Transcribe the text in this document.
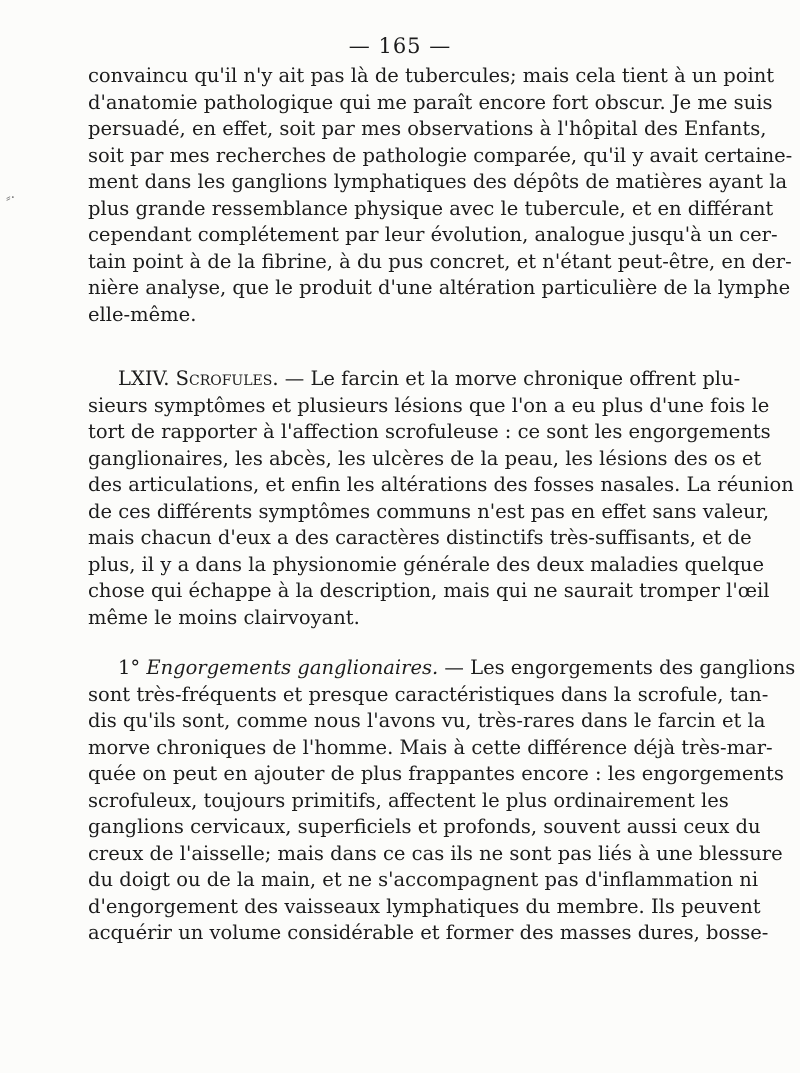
⸗·
— 165 —
convaincu qu'il n'y ait pas là de tubercules; mais cela tient à un point
d'anatomie pathologique qui me paraît encore fort obscur. Je me suis
persuadé, en effet, soit par mes observations à l'hôpital des Enfants,
soit par mes recherches de pathologie comparée, qu'il y avait certaine-
ment dans les ganglions lymphatiques des dépôts de matières ayant la
plus grande ressemblance physique avec le tubercule, et en différant
cependant complétement par leur évolution, analogue jusqu'à un cer-
tain point à de la fibrine, à du pus concret, et n'étant peut-être, en der-
nière analyse, que le produit d'une altération particulière de la lymphe
elle-même.
LXIV. Scrofules. — Le farcin et la morve chronique offrent plu-
sieurs symptômes et plusieurs lésions que l'on a eu plus d'une fois le
tort de rapporter à l'affection scrofuleuse : ce sont les engorgements
ganglionaires, les abcès, les ulcères de la peau, les lésions des os et
des articulations, et enfin les altérations des fosses nasales. La réunion
de ces différents symptômes communs n'est pas en effet sans valeur,
mais chacun d'eux a des caractères distinctifs très-suffisants, et de
plus, il y a dans la physionomie générale des deux maladies quelque
chose qui échappe à la description, mais qui ne saurait tromper l'œil
même le moins clairvoyant.
1° Engorgements ganglionaires. — Les engorgements des ganglions
sont très-fréquents et presque caractéristiques dans la scrofule, tan-
dis qu'ils sont, comme nous l'avons vu, très-rares dans le farcin et la
morve chroniques de l'homme. Mais à cette différence déjà très-mar-
quée on peut en ajouter de plus frappantes encore : les engorgements
scrofuleux, toujours primitifs, affectent le plus ordinairement les
ganglions cervicaux, superficiels et profonds, souvent aussi ceux du
creux de l'aisselle; mais dans ce cas ils ne sont pas liés à une blessure
du doigt ou de la main, et ne s'accompagnent pas d'inflammation ni
d'engorgement des vaisseaux lymphatiques du membre. Ils peuvent
acquérir un volume considérable et former des masses dures, bosse-
